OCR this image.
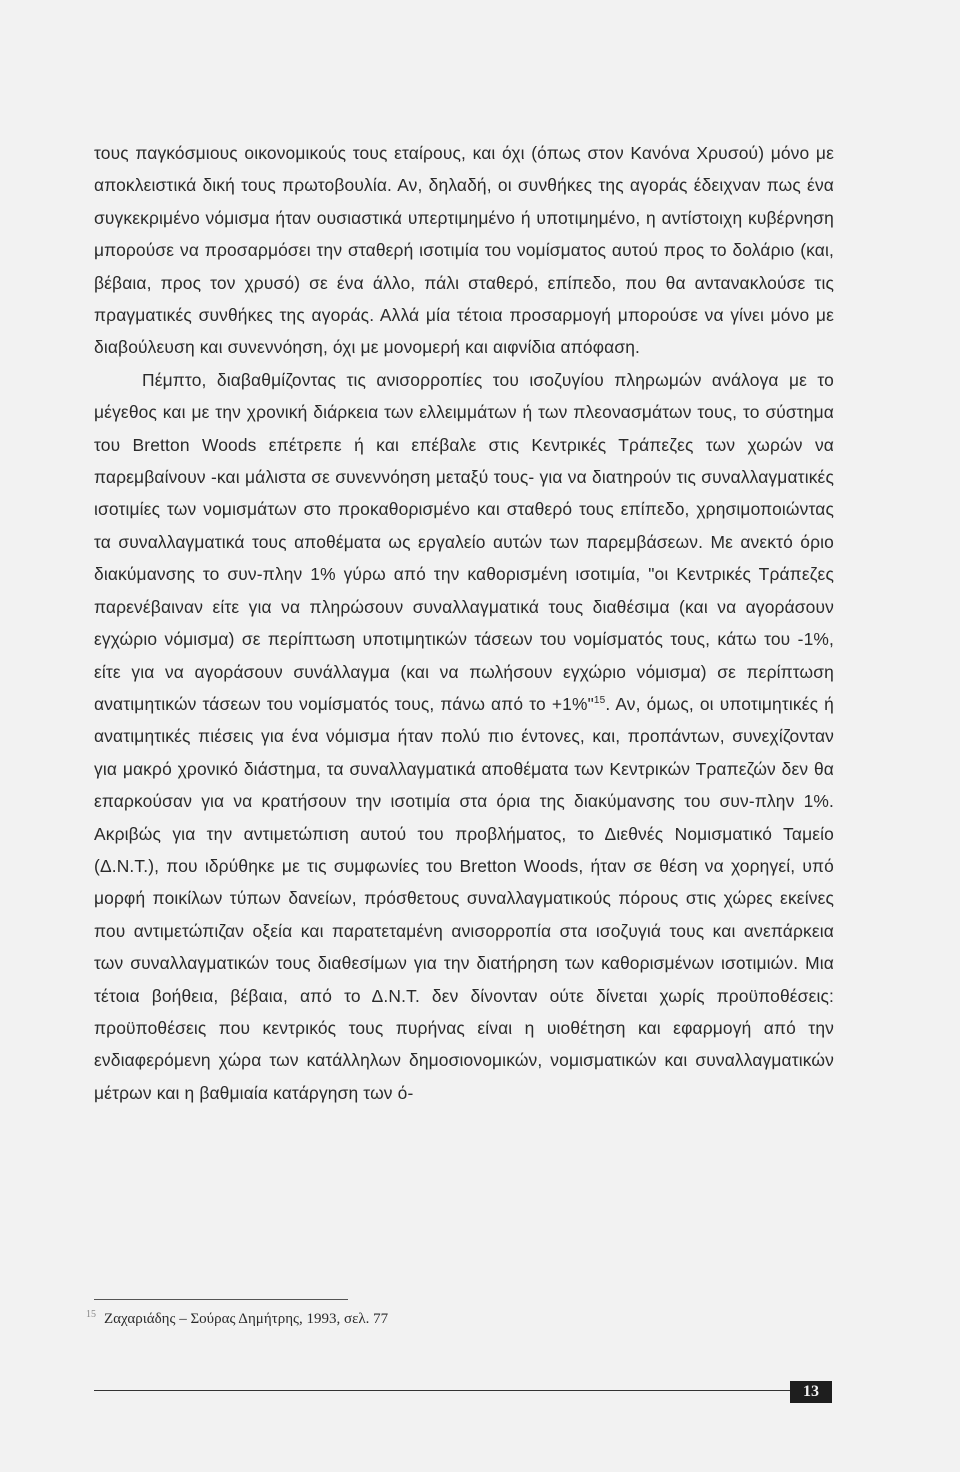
τους παγκόσμιους οικονομικούς τους εταίρους, και όχι (όπως στον Κανόνα Χρυσού) μόνο με αποκλειστικά δική τους πρωτοβουλία. Αν, δηλαδή, οι συνθήκες της αγοράς έδειχναν πως ένα συγκεκριμένο νόμισμα ήταν ουσιαστικά υπερτιμημένο ή υποτιμημένο, η αντίστοιχη κυβέρνηση μπορούσε να προσαρμόσει την σταθερή ισοτιμία του νομίσματος αυτού προς το δολάριο (και, βέβαια, προς τον χρυσό) σε ένα άλλο, πάλι σταθερό, επίπεδο, που θα αντανακλούσε τις πραγματικές συνθήκες της αγοράς. Αλλά μία τέτοια προσαρμογή μπορούσε να γίνει μόνο με διαβούλευση και συνεννόηση, όχι με μονομερή και αιφνίδια απόφαση.

Πέμπτο, διαβαθμίζοντας τις ανισορροπίες του ισοζυγίου πληρωμών ανάλογα με το μέγεθος και με την χρονική διάρκεια των ελλειμμάτων ή των πλεονασμάτων τους, το σύστημα του Bretton Woods επέτρεπε ή και επέβαλε στις Κεντρικές Τράπεζες των χωρών να παρεμβαίνουν -και μάλιστα σε συνεννόηση μεταξύ τους- για να διατηρούν τις συναλλαγματικές ισοτιμίες των νομισμάτων στο προκαθορισμένο και σταθερό τους επίπεδο, χρησιμοποιώντας τα συναλλαγματικά τους αποθέματα ως εργαλείο αυτών των παρεμβάσεων. Με ανεκτό όριο διακύμανσης το συν-πλην 1% γύρω από την καθορισμένη ισοτιμία, "οι Κεντρικές Τράπεζες παρενέβαιναν είτε για να πληρώσουν συναλλαγματικά τους διαθέσιμα (και να αγοράσουν εγχώριο νόμισμα) σε περίπτωση υποτιμητικών τάσεων του νομίσματός τους, κάτω του -1%, είτε για να αγοράσουν συνάλλαγμα (και να πωλήσουν εγχώριο νόμισμα) σε περίπτωση ανατιμητικών τάσεων του νομίσματός τους, πάνω από το +1%"$^{15}$. Αν, όμως, οι υποτιμητικές ή ανατιμητικές πιέσεις για ένα νόμισμα ήταν πολύ πιο έντονες, και, προπάντων, συνεχίζονταν για μακρό χρονικό διάστημα, τα συναλλαγματικά αποθέματα των Κεντρικών Τραπεζών δεν θα επαρκούσαν για να κρατήσουν την ισοτιμία στα όρια της διακύμανσης του συν-πλην 1%. Ακριβώς για την αντιμετώπιση αυτού του προβλήματος, το Διεθνές Νομισματικό Ταμείο (Δ.Ν.Τ.), που ιδρύθηκε με τις συμφωνίες του Bretton Woods, ήταν σε θέση να χορηγεί, υπό μορφή ποικίλων τύπων δανείων, πρόσθετους συναλλαγματικούς πόρους στις χώρες εκείνες που αντιμετώπιζαν οξεία και παρατεταμένη ανισορροπία στα ισοζυγιά τους και ανεπάρκεια των συναλλαγματικών τους διαθεσίμων για την διατήρηση των καθορισμένων ισοτιμιών. Μια τέτοια βοήθεια, βέβαια, από το Δ.Ν.Τ. δεν δίνονταν ούτε δίνεται χωρίς προϋποθέσεις: προϋποθέσεις που κεντρικός τους πυρήνας είναι η υιοθέτηση και εφαρμογή από την ενδιαφερόμενη χώρα των κατάλληλων δημοσιονομικών, νομισματικών και συναλλαγματικών μέτρων και η βαθμιαία κατάργηση των ό-

$^{15}$ Ζαχαριάδης – Σούρας Δημήτρης, 1993, σελ. 77
13
